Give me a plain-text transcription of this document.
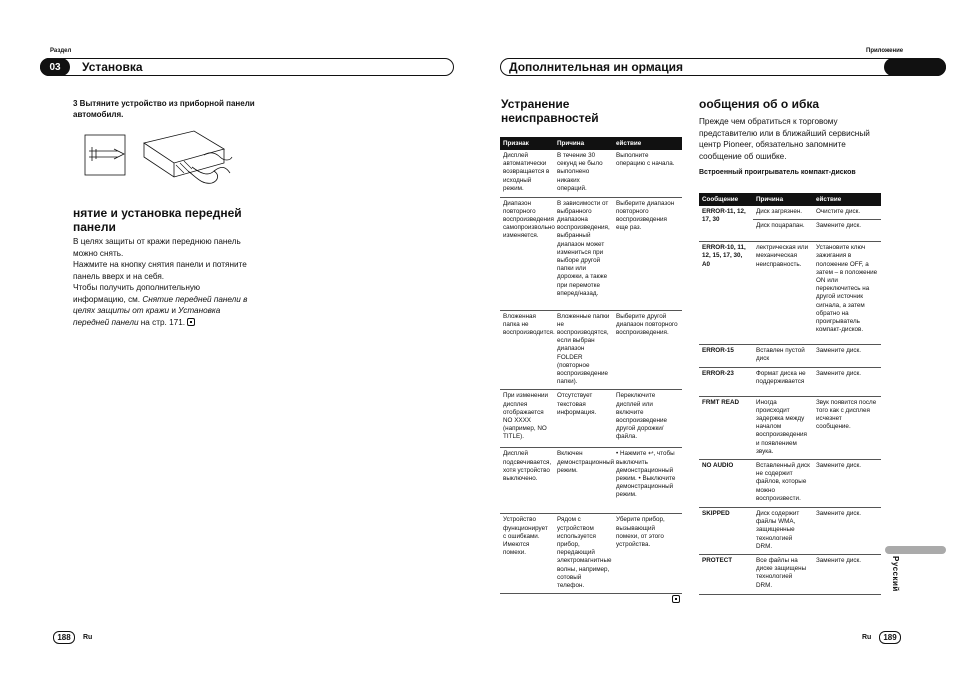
Раздел
03	Установка
3 Вытяните устройство из приборной панели автомобиля.
нятие и установка передней панели
В целях защиты от кражи переднюю панель можно снять.
Нажмите на кнопку снятия панели и потяните панель вверх и на себя.
Чтобы получить дополнительную информацию, см. Снятие передней панели в целях защиты от кражи и Установка передней панели на стр. 171.
188	Ru
Приложение
Дополнительная ин ормация
Устранение неисправностей
Признак	Причина	ействие
Дисплей автоматически возвращается в исходный режим.	В течение 30 секунд не было выполнено никаких операций.	Выполните операцию с начала.
Диапазон повторного воспроизведения самопроизвольно изменяется.	В зависимости от выбранного диапазона воспроизведения, выбранный диапазон может измениться при выборе другой папки или дорожки, а также при перемотке вперед/назад.	Выберите диапазон повторного воспроизведения еще раз.
Вложенная папка не воспроизводится.	Вложенные папки не воспроизводятся, если выбран диапазон FOLDER (повторное воспроизведение папки).	Выберите другой диапазон повторного воспроизведения.
При изменении дисплея отображается NO XXXX (например, NO TITLE).	Отсутствует текстовая информация.	Переключите дисплей или включите воспроизведение другой дорожки/файла.
Дисплей подсвечивается, хотя устройство выключено.	Включен демонстрационный режим.	• Нажмите ↩, чтобы выключить демонстрационный режим. • Выключите демонстрационный режим.
Устройство функционирует с ошибками. Имеются помехи.	Рядом с устройством используется прибор, передающий электромагнитные волны, например, сотовый телефон.	Уберите прибор, вызывающий помехи, от этого устройства.
ообщения об о ибка
Прежде чем обратиться к торговому представителю или в ближайший сервисный центр Pioneer, обязательно запомните сообщение об ошибке.
Встроенный проигрыватель компакт-дисков
Сообщение	Причина	ействие
ERROR-11, 12, 17, 30	Диск загрязнен.	Очистите диск.
	Диск поцарапан.	Замените диск.
ERROR-10, 11, 12, 15, 17, 30, A0	лектрическая или механическая неисправность.	Установите ключ зажигания в положение OFF, а затем – в положение ON или переключитесь на другой источник сигнала, а затем обратно на проигрыватель компакт-дисков.
ERROR-15	Вставлен пустой диск	Замените диск.
ERROR-23	Формат диска не поддерживается	Замените диск.
FRMT READ	Иногда происходит задержка между началом воспроизведения и появлением звука.	Звук появится после того как с дисплея исчезнет сообщение.
NO AUDIO	Вставленный диск не содержит файлов, которые можно воспроизвести.	Замените диск.
SKIPPED	Диск содержит файлы WMA, защищенные технологией DRM.	Замените диск.
PROTECT	Все файлы на диске защищены технологией DRM.	Замените диск.	Русский
Ru	189
